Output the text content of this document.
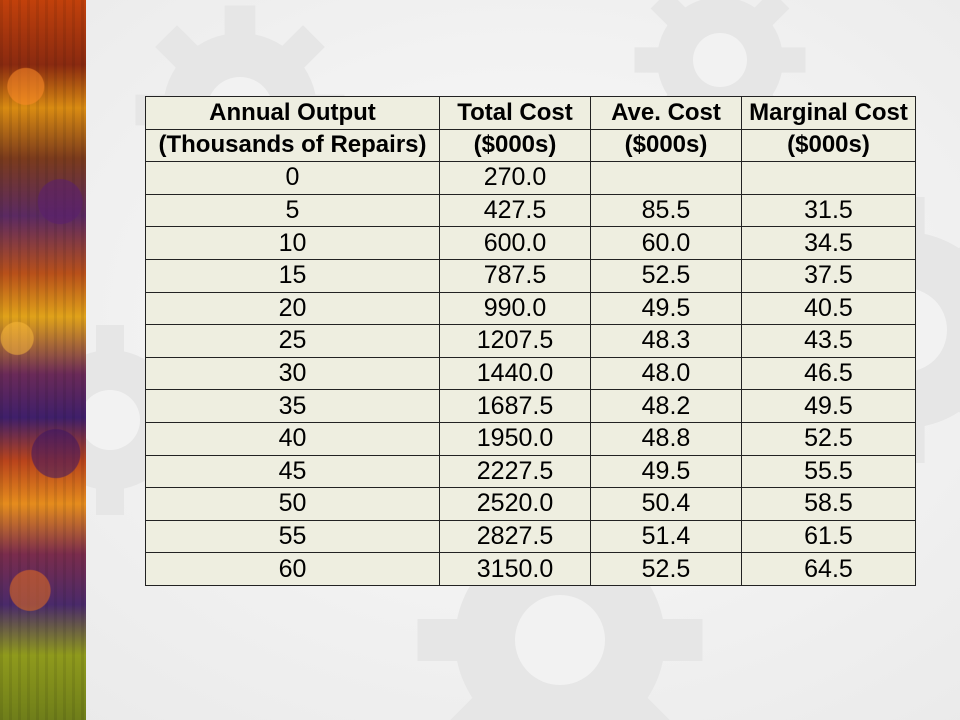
Annual Output	Total Cost	Ave. Cost	Marginal Cost
(Thousands of Repairs)	($000s)	($000s)	($000s)
0	270.0		
5	427.5	85.5	31.5
10	600.0	60.0	34.5
15	787.5	52.5	37.5
20	990.0	49.5	40.5
25	1207.5	48.3	43.5
30	1440.0	48.0	46.5
35	1687.5	48.2	49.5
40	1950.0	48.8	52.5
45	2227.5	49.5	55.5
50	2520.0	50.4	58.5
55	2827.5	51.4	61.5
60	3150.0	52.5	64.5
